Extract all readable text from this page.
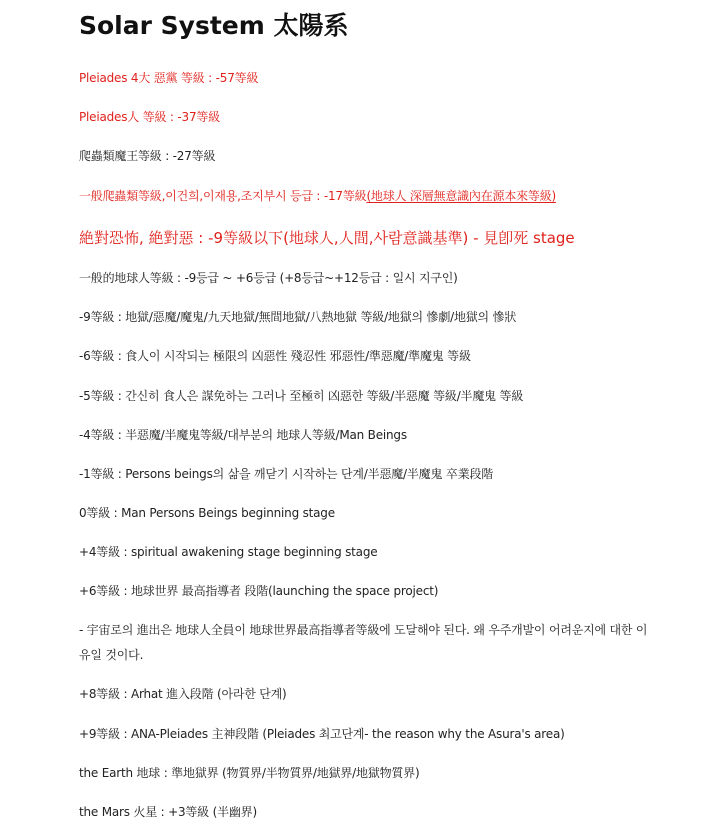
Solar System 太陽系

Pleiades 4大 惡黨 等級 : -57等級

Pleiades人 等級 : -37等級

爬蟲類魔王等級 : -27等級

一般爬蟲類等級,이건희,이재용,조지부시 등급 : -17等級(地球人 深層無意識內在源本來等級)

絶對恐怖, 絶對惡 : -9等級以下(地球人,人間,사람意識基準) - 見卽死 stage

一般的地球人等級 : -9등급 ~ +6등급 (+8등급~+12등급 : 일시 지구인)

-9等級 : 地獄/惡魔/魔鬼/九天地獄/無間地獄/八熱地獄 等級/地獄의 慘劇/地獄의 慘狀

-6等級 : 食人이 시작되는 極限의 凶惡性 殘忍性 邪惡性/準惡魔/準魔鬼 等級

-5等級 : 간신히 食人은 謀免하는 그러나 至極히 凶惡한 等級/半惡魔 等級/半魔鬼 等級

-4等級 : 半惡魔/半魔鬼等級/대부분의 地球人等級/Man Beings

-1等級 : Persons beings의 삶을 깨닫기 시작하는 단계/半惡魔/半魔鬼 卒業段階

0等級 : Man Persons Beings beginning stage

+4等級 : spiritual awakening stage beginning stage

+6等級 : 地球世界 最高指導者 段階(launching the space project)

- 宇宙로의 進出은 地球人全員이 地球世界最高指導者等級에 도달해야 된다. 왜 우주개발이 어려운지에 대한 이유일 것이다.

+8等級 : Arhat 進入段階 (아라한 단계)

+9等級 : ANA-Pleiades 主神段階 (Pleiades 최고단계- the reason why the Asura's area)

the Earth 地球 : 準地獄界 (物質界/半物質界/地獄界/地獄物質界)

the Mars 火星 : +3等級 (半幽界)
